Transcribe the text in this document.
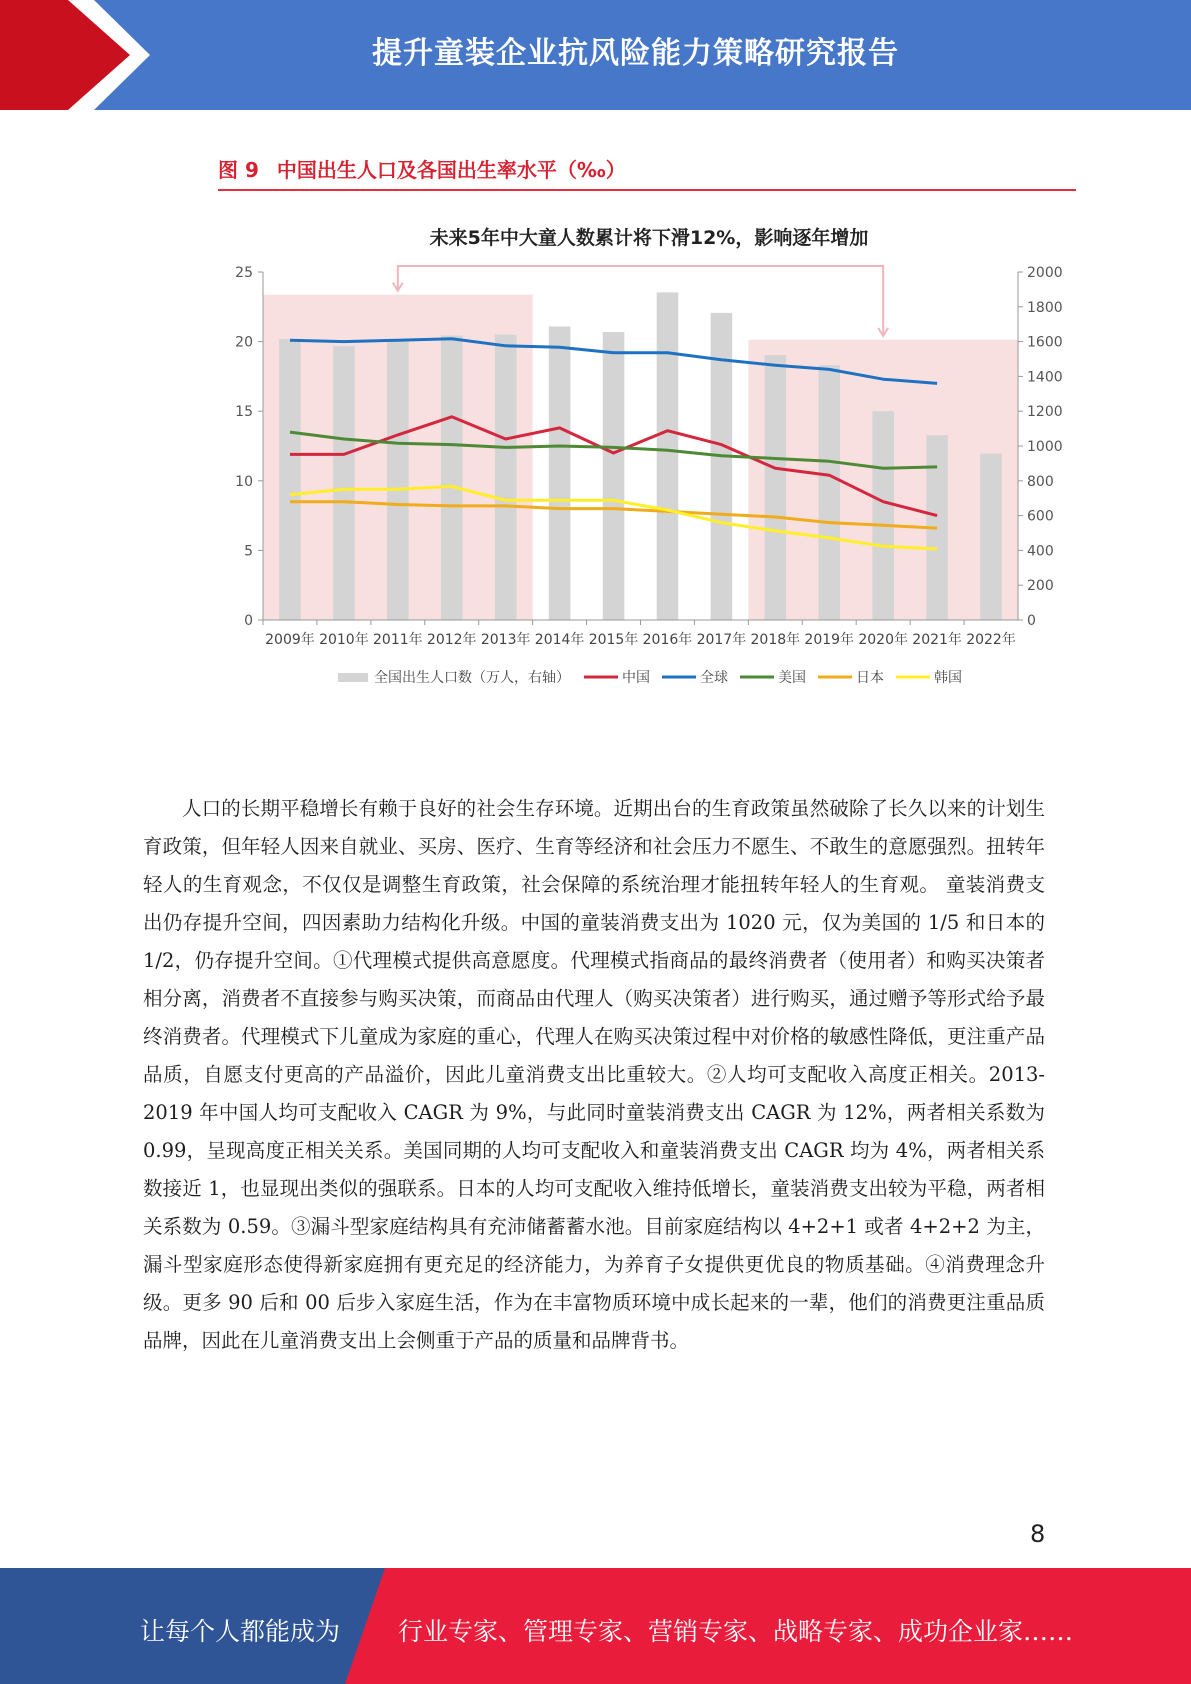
提升童装企业抗风险能力策略研究报告
图 9 中国出生人口及各国出生率水平（‰）
未来5年中大童人数累计将下滑12%，影响逐年增加
0
5
10
15
20
25
0
200
400
600
800
1000
1200
1400
1600
1800
2000
2009年 2010年 2011年 2012年 2013年 2014年 2015年 2016年 2017年 2018年 2019年 2020年 2021年 2022年
全国出生人口数（万人，右轴）	中国	全球	美国	日本	韩国

人口的长期平稳增长有赖于良好的社会生存环境。近期出台的生育政策虽然破除了长久以来的计划生育政策，但年轻人因来自就业、买房、医疗、生育等经济和社会压力不愿生、不敢生的意愿强烈。扭转年轻人的生育观念，不仅仅是调整生育政策，社会保障的系统治理才能扭转年轻人的生育观。 童装消费支出仍存提升空间，四因素助力结构化升级。中国的童装消费支出为 1020 元，仅为美国的 1/5 和日本的 1/2，仍存提升空间。①代理模式提供高意愿度。代理模式指商品的最终消费者（使用者）和购买决策者相分离，消费者不直接参与购买决策，而商品由代理人（购买决策者）进行购买，通过赠予等形式给予最终消费者。代理模式下儿童成为家庭的重心，代理人在购买决策过程中对价格的敏感性降低，更注重产品品质，自愿支付更高的产品溢价，因此儿童消费支出比重较大。②人均可支配收入高度正相关。2013-2019 年中国人均可支配收入 CAGR 为 9%，与此同时童装消费支出 CAGR 为 12%，两者相关系数为 0.99，呈现高度正相关关系。美国同期的人均可支配收入和童装消费支出 CAGR 均为 4%，两者相关系数接近 1，也显现出类似的强联系。日本的人均可支配收入维持低增长，童装消费支出较为平稳，两者相关系数为 0.59。③漏斗型家庭结构具有充沛储蓄蓄水池。目前家庭结构以 4+2+1 或者 4+2+2 为主，漏斗型家庭形态使得新家庭拥有更充足的经济能力，为养育子女提供更优良的物质基础。④消费理念升级。更多 90 后和 00 后步入家庭生活，作为在丰富物质环境中成长起来的一辈，他们的消费更注重品质品牌，因此在儿童消费支出上会侧重于产品的质量和品牌背书。

8
让每个人都能成为 行业专家、管理专家、营销专家、战略专家、成功企业家……
